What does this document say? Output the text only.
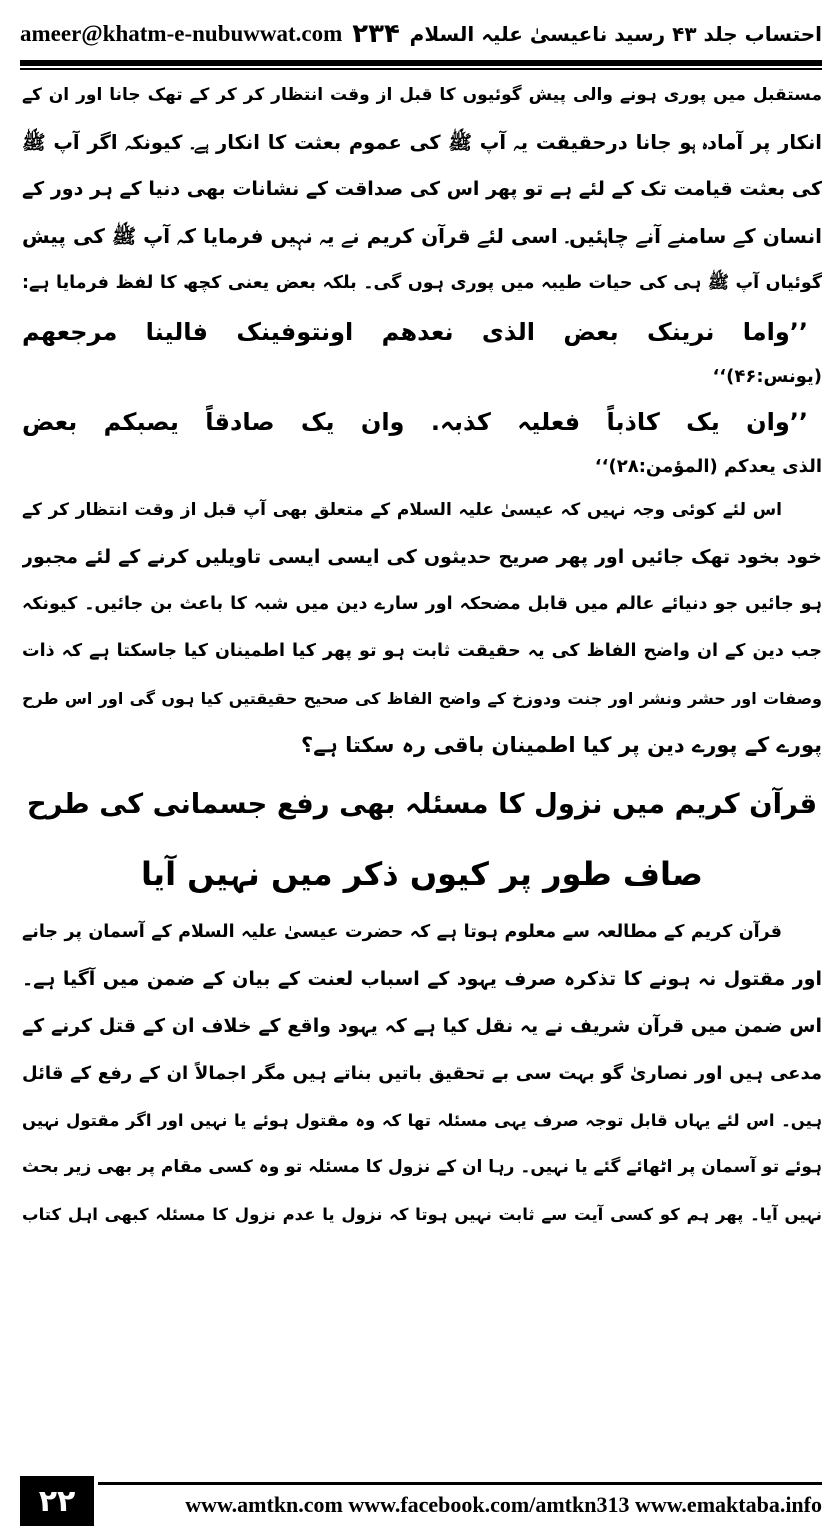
ameer@khatm-e-nubuwwat.com ۲۳۴ احتساب جلد ۴۳ رسید ناعیسیٰ علیہ السلام
مستقبل میں پوری ہونے والی پیش گوئیوں کا قبل از وقت انتظار کر کر کے تھک جانا اور ان کے
انکار پر آمادہ ہو جانا درحقیقت یہ آپ ﷺ کی عموم بعثت کا انکار ہے۔ کیونکہ اگر آپ ﷺ
کی بعثت قیامت تک کے لئے ہے تو پھر اس کی صداقت کے نشانات بھی دنیا کے ہر دور کے
انسان کے سامنے آنے چاہئیں۔ اسی لئے قرآن کریم نے یہ نہیں فرمایا کہ آپ ﷺ کی پیش
گوئیاں آپ ﷺ ہی کی حیات طیبہ میں پوری ہوں گی۔ بلکہ بعض یعنی کچھ کا لفظ فرمایا ہے:
’’واما نرینک بعض الذی نعدھم اونتوفینک فالینا مرجعھم
(یونس:۴۶)‘‘
’’وان یک کاذباً فعلیہ کذبہ. وان یک صادقاً یصبکم بعض
الذی یعدکم (المؤمن:۲۸)‘‘
اس لئے کوئی وجہ نہیں کہ عیسیٰ علیہ السلام کے متعلق بھی آپ قبل از وقت انتظار کر کے
خود بخود تھک جائیں اور پھر صریح حدیثوں کی ایسی ایسی تاویلیں کرنے کے لئے مجبور
ہو جائیں جو دنیائے عالم میں قابل مضحکہ اور سارے دین میں شبہ کا باعث بن جائیں۔ کیونکہ
جب دین کے ان واضح الفاظ کی یہ حقیقت ثابت ہو تو پھر کیا اطمینان کیا جاسکتا ہے کہ ذات
وصفات اور حشر ونشر اور جنت ودوزخ کے واضح الفاظ کی صحیح حقیقتیں کیا ہوں گی اور اس طرح
پورے کے پورے دین پر کیا اطمینان باقی رہ سکتا ہے؟
قرآن کریم میں نزول کا مسئلہ بھی رفع جسمانی کی طرح
صاف طور پر کیوں ذکر میں نہیں آیا
قرآن کریم کے مطالعہ سے معلوم ہوتا ہے کہ حضرت عیسیٰ علیہ السلام کے آسمان پر جانے
اور مقتول نہ ہونے کا تذکرہ صرف یہود کے اسباب لعنت کے بیان کے ضمن میں آگیا ہے۔
اس ضمن میں قرآن شریف نے یہ نقل کیا ہے کہ یہود واقع کے خلاف ان کے قتل کرنے کے
مدعی ہیں اور نصاریٰ گو بہت سی بے تحقیق باتیں بناتے ہیں مگر اجمالاً ان کے رفع کے قائل
ہیں۔ اس لئے یہاں قابل توجہ صرف یہی مسئلہ تھا کہ وہ مقتول ہوئے یا نہیں اور اگر مقتول نہیں
ہوئے تو آسمان پر اٹھائے گئے یا نہیں۔ رہا ان کے نزول کا مسئلہ تو وہ کسی مقام پر بھی زیر بحث
نہیں آیا۔ پھر ہم کو کسی آیت سے ثابت نہیں ہوتا کہ نزول یا عدم نزول کا مسئلہ کبھی اہل کتاب
۲۲	www.amtkn.com www.facebook.com/amtkn313 www.emaktaba.info
